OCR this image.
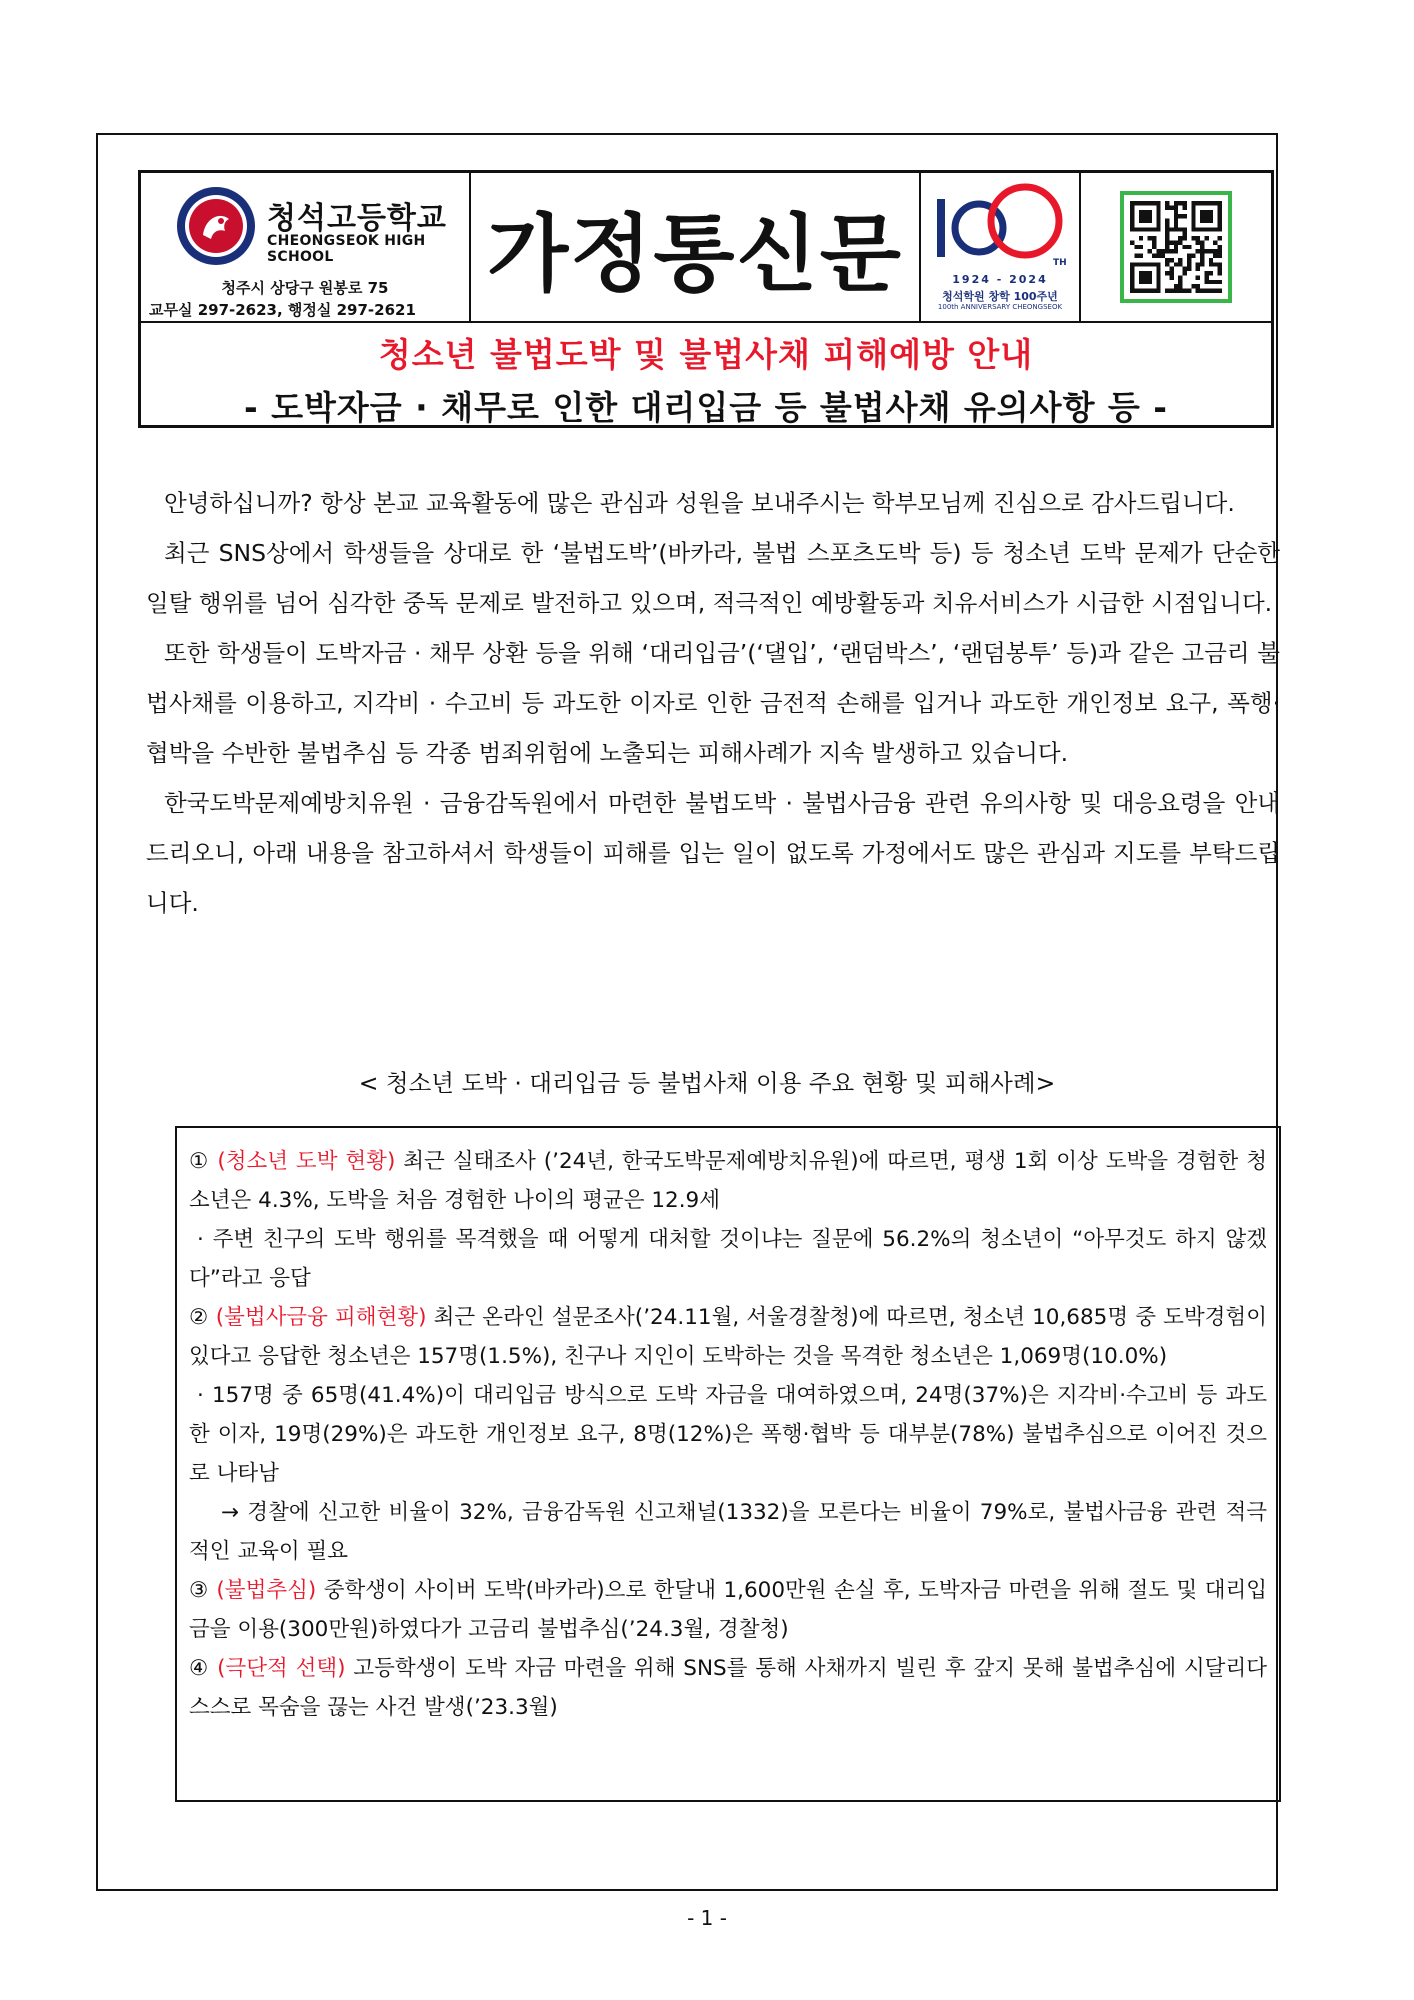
청석고등학교
CHEONGSEOK HIGH SCHOOL
청주시 상당구 원봉로 75
교무실 297-2623, 행정실 297-2621
가정통신문	TH
1924 - 2024
청석학원 창학 100주년
100th ANNIVERSARY CHEONGSEOK
청소년 불법도박 및 불법사채 피해예방 안내
- 도박자금 · 채무로 인한 대리입금 등 불법사채 유의사항 등 -

안녕하십니까? 항상 본교 교육활동에 많은 관심과 성원을 보내주시는 학부모님께 진심으로 감사드립니다.

최근 SNS상에서 학생들을 상대로 한 ‘불법도박’(바카라, 불법 스포츠도박 등) 등 청소년 도박 문제가 단순한 일탈 행위를 넘어 심각한 중독 문제로 발전하고 있으며, 적극적인 예방활동과 치유서비스가 시급한 시점입니다.

또한 학생들이 도박자금 · 채무 상환 등을 위해 ‘대리입금’(‘댈입’, ‘랜덤박스’, ‘랜덤봉투’ 등)과 같은 고금리 불법사채를 이용하고, 지각비 · 수고비 등 과도한 이자로 인한 금전적 손해를 입거나 과도한 개인정보 요구, 폭행·협박을 수반한 불법추심 등 각종 범죄위험에 노출되는 피해사례가 지속 발생하고 있습니다.

한국도박문제예방치유원 · 금융감독원에서 마련한 불법도박 · 불법사금융 관련 유의사항 및 대응요령을 안내드리오니, 아래 내용을 참고하셔서 학생들이 피해를 입는 일이 없도록 가정에서도 많은 관심과 지도를 부탁드립니다.

< 청소년 도박 · 대리입금 등 불법사채 이용 주요 현황 및 피해사례>

① (청소년 도박 현황) 최근 실태조사 (’24년, 한국도박문제예방치유원)에 따르면, 평생 1회 이상 도박을 경험한 청소년은 4.3%, 도박을 처음 경험한 나이의 평균은 12.9세

· 주변 친구의 도박 행위를 목격했을 때 어떻게 대처할 것이냐는 질문에 56.2%의 청소년이 “아무것도 하지 않겠다”라고 응답

② (불법사금융 피해현황) 최근 온라인 설문조사(’24.11월, 서울경찰청)에 따르면, 청소년 10,685명 중 도박경험이 있다고 응답한 청소년은 157명(1.5%), 친구나 지인이 도박하는 것을 목격한 청소년은 1,069명(10.0%)

· 157명 중 65명(41.4%)이 대리입금 방식으로 도박 자금을 대여하였으며, 24명(37%)은 지각비·수고비 등 과도한 이자, 19명(29%)은 과도한 개인정보 요구, 8명(12%)은 폭행·협박 등 대부분(78%) 불법추심으로 이어진 것으로 나타남

→ 경찰에 신고한 비율이 32%, 금융감독원 신고채널(1332)을 모른다는 비율이 79%로, 불법사금융 관련 적극적인 교육이 필요

③ (불법추심) 중학생이 사이버 도박(바카라)으로 한달내 1,600만원 손실 후, 도박자금 마련을 위해 절도 및 대리입금을 이용(300만원)하였다가 고금리 불법추심(’24.3월, 경찰청)

④ (극단적 선택) 고등학생이 도박 자금 마련을 위해 SNS를 통해 사채까지 빌린 후 갚지 못해 불법추심에 시달리다 스스로 목숨을 끊는 사건 발생(’23.3월)

- 1 -
